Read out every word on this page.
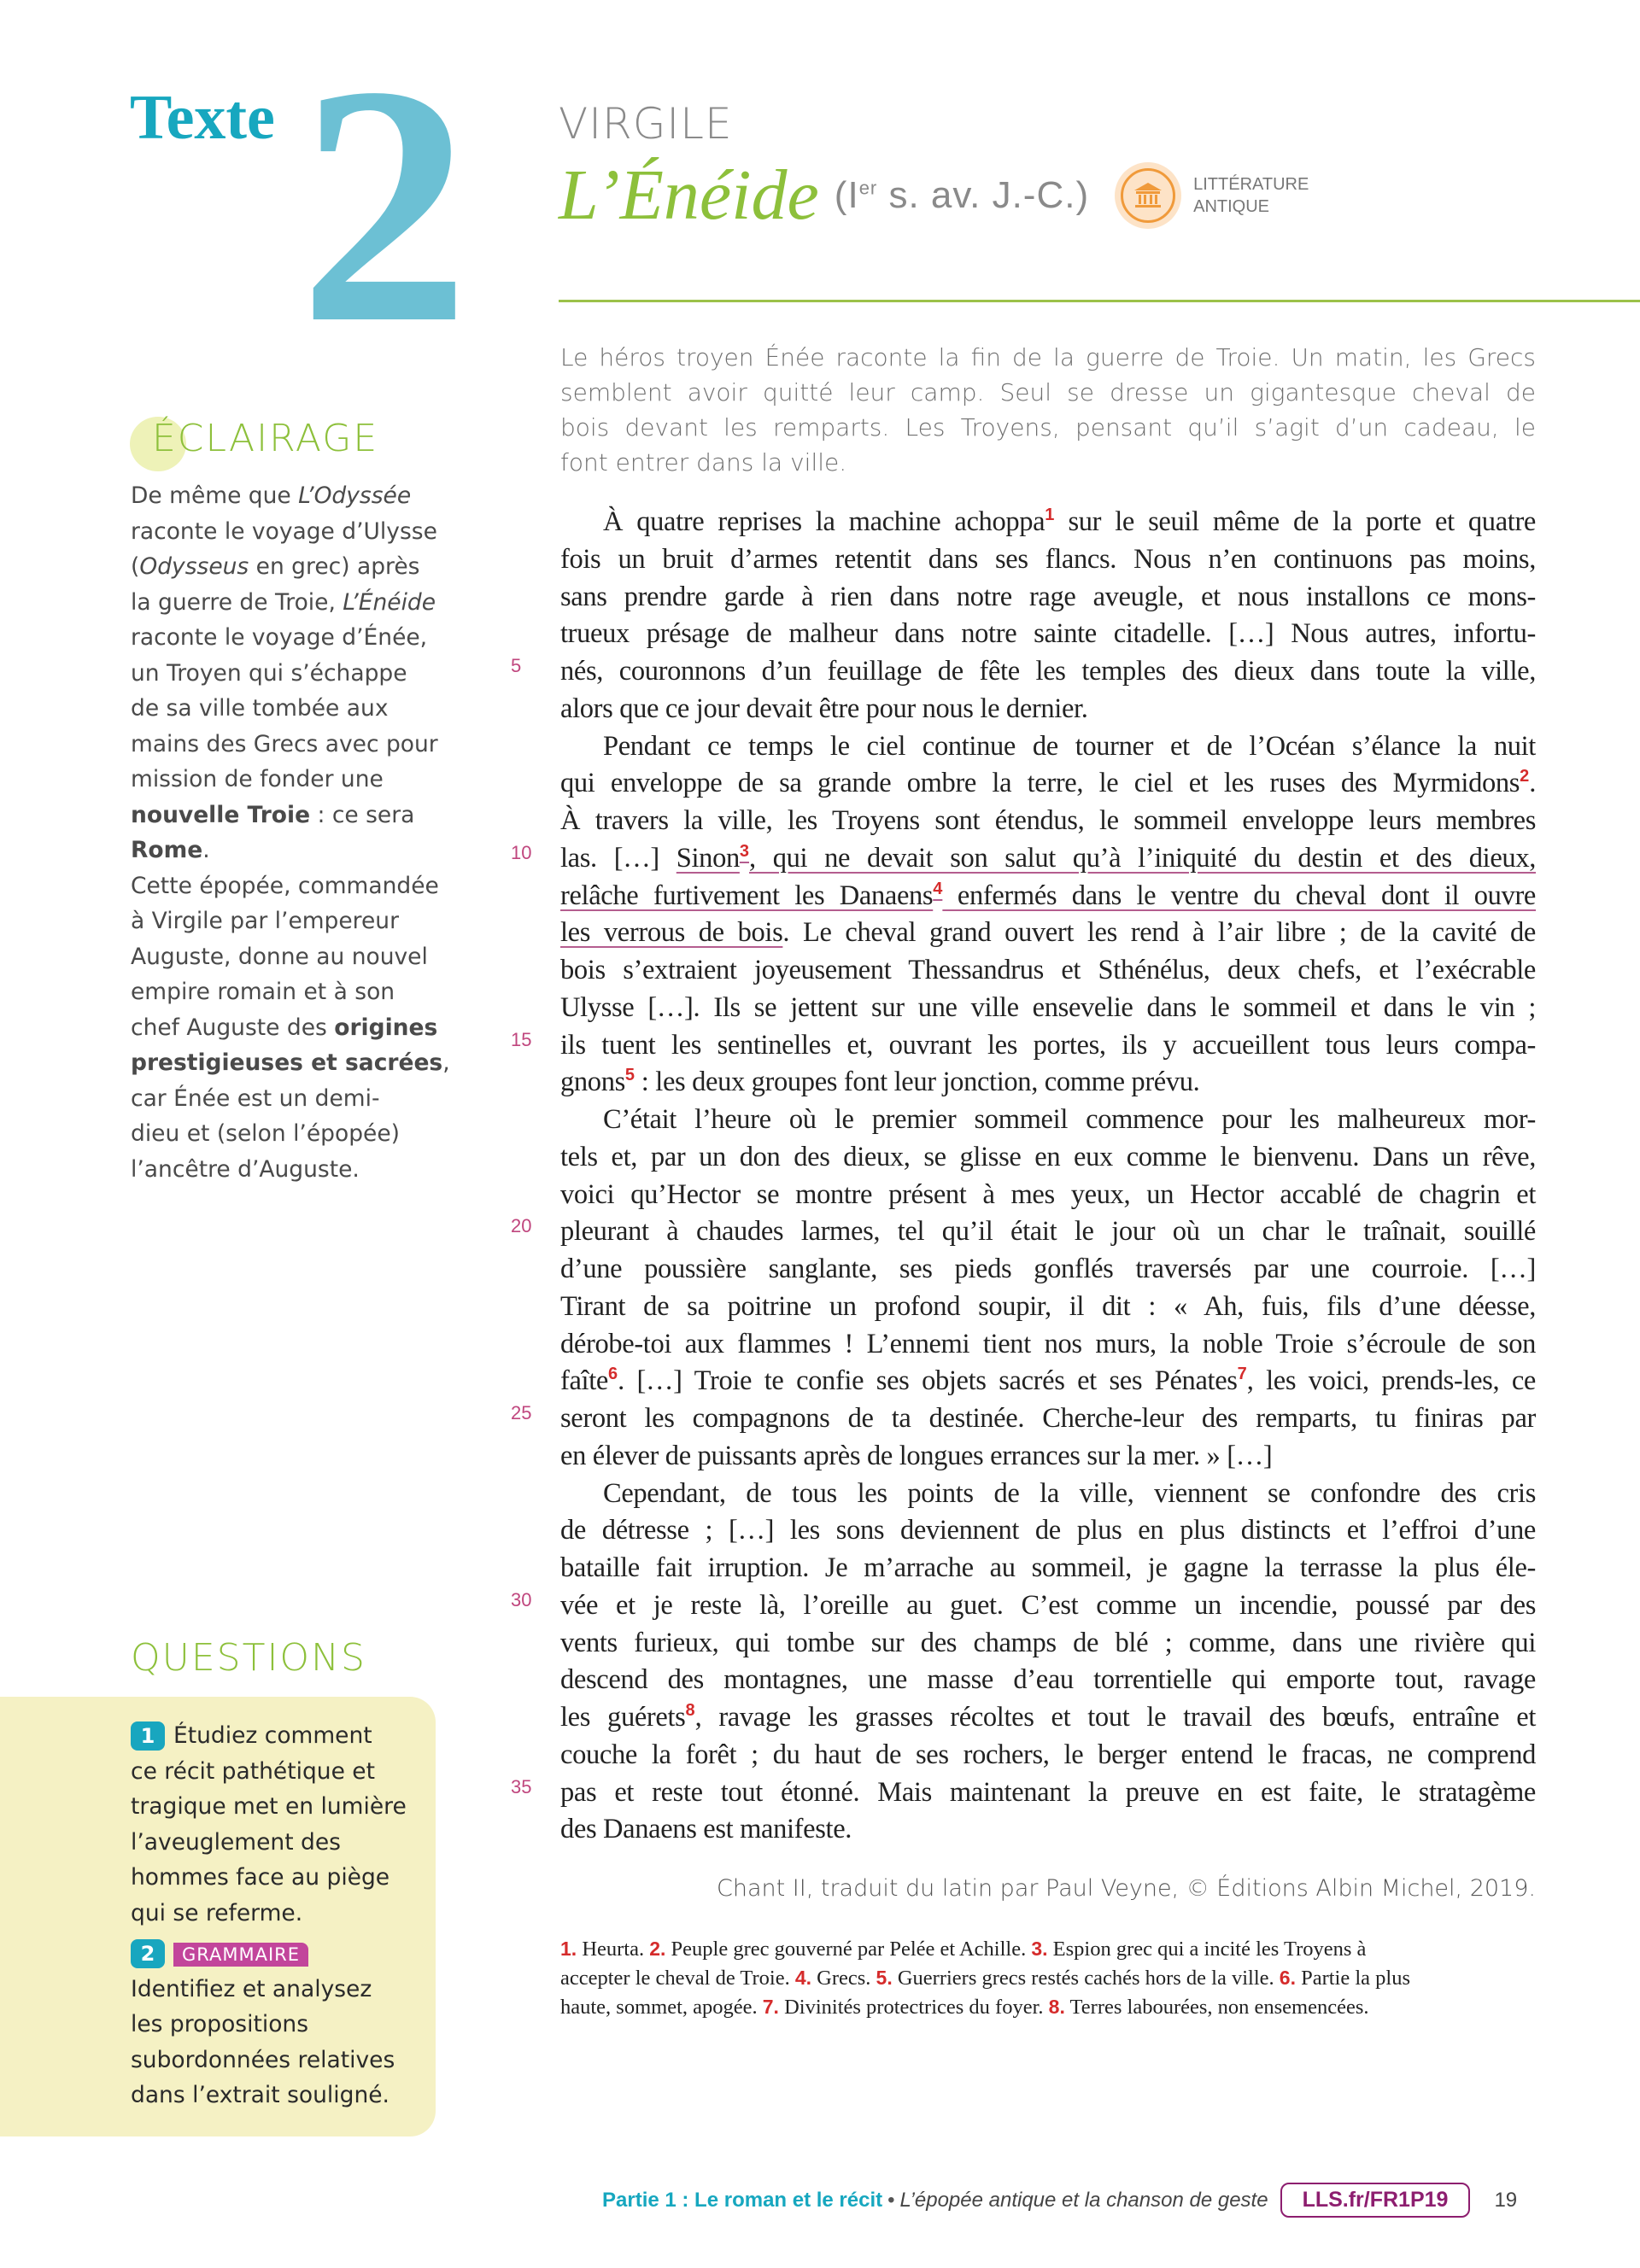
Texte 2 VIRGILE
L’Énéide (Ier s. av. J.-C.)	LITTÉRATURE
ANTIQUE
Le héros troyen Énée raconte la fin de la guerre de Troie. Un matin, les Grecs
semblent avoir quitté leur camp. Seul se dresse un gigantesque cheval de
bois devant les remparts. Les Troyens, pensant qu’il s’agit d’un cadeau, le
font entrer dans la ville.
À quatre reprises la machine achoppa$^1$ sur le seuil même de la porte et quatre
fois un bruit d’armes retentit dans ses flancs. Nous n’en continuons pas moins,
sans prendre garde à rien dans notre rage aveugle, et nous installons ce mons-
trueux présage de malheur dans notre sainte citadelle. […] Nous autres, infortu-
5 nés, couronnons d’un feuillage de fête les temples des dieux dans toute la ville,
alors que ce jour devait être pour nous le dernier.
Pendant ce temps le ciel continue de tourner et de l’Océan s’élance la nuit
qui enveloppe de sa grande ombre la terre, le ciel et les ruses des Myrmidons$^2$.
À travers la ville, les Troyens sont étendus, le sommeil enveloppe leurs membres
10 las. […] Sinon$^3$, qui ne devait son salut qu’à l’iniquité du destin et des dieux,
relâche furtivement les Danaens$^4$ enfermés dans le ventre du cheval dont il ouvre
les verrous de bois. Le cheval grand ouvert les rend à l’air libre ; de la cavité de
bois s’extraient joyeusement Thessandrus et Sthénélus, deux chefs, et l’exécrable
Ulysse […]. Ils se jettent sur une ville ensevelie dans le sommeil et dans le vin ;
15 ils tuent les sentinelles et, ouvrant les portes, ils y accueillent tous leurs compa-
gnons$^5$ : les deux groupes font leur jonction, comme prévu.
C’était l’heure où le premier sommeil commence pour les malheureux mor-
tels et, par un don des dieux, se glisse en eux comme le bienvenu. Dans un rêve,
voici qu’Hector se montre présent à mes yeux, un Hector accablé de chagrin et
20 pleurant à chaudes larmes, tel qu’il était le jour où un char le traînait, souillé
d’une poussière sanglante, ses pieds gonflés traversés par une courroie. […]
Tirant de sa poitrine un profond soupir, il dit : « Ah, fuis, fils d’une déesse,
dérobe-toi aux flammes ! L’ennemi tient nos murs, la noble Troie s’écroule de son
faîte$^6$. […] Troie te confie ses objets sacrés et ses Pénates$^7$, les voici, prends-les, ce
25 seront les compagnons de ta destinée. Cherche-leur des remparts, tu finiras par
en élever de puissants après de longues errances sur la mer. » […]
Cependant, de tous les points de la ville, viennent se confondre des cris
de détresse ; […] les sons deviennent de plus en plus distincts et l’effroi d’une
bataille fait irruption. Je m’arrache au sommeil, je gagne la terrasse la plus éle-
30 vée et je reste là, l’oreille au guet. C’est comme un incendie, poussé par des
vents furieux, qui tombe sur des champs de blé ; comme, dans une rivière qui
descend des montagnes, une masse d’eau torrentielle qui emporte tout, ravage
les guérets$^8$, ravage les grasses récoltes et tout le travail des bœufs, entraîne et
couche la forêt ; du haut de ses rochers, le berger entend le fracas, ne comprend
35 pas et reste tout étonné. Mais maintenant la preuve en est faite, le stratagème
des Danaens est manifeste.
Chant II, traduit du latin par Paul Veyne, © Éditions Albin Michel, 2019.
1. Heurta. 2. Peuple grec gouverné par Pelée et Achille. 3. Espion grec qui a incité les Troyens à
accepter le cheval de Troie. 4. Grecs. 5. Guerriers grecs restés cachés hors de la ville. 6. Partie la plus
haute, sommet, apogée. 7. Divinités protectrices du foyer. 8. Terres labourées, non ensemencées.
ÉCLAIRAGE
De même que L’Odyssée
raconte le voyage d’Ulysse
(Odysseus en grec) après
la guerre de Troie, L’Énéide
raconte le voyage d’Énée,
un Troyen qui s’échappe
de sa ville tombée aux
mains des Grecs avec pour
mission de fonder une
nouvelle Troie : ce sera
Rome.
Cette épopée, commandée
à Virgile par l’empereur
Auguste, donne au nouvel
empire romain et à son
chef Auguste des origines
prestigieuses et sacrées,
car Énée est un demi-
dieu et (selon l’épopée)
l’ancêtre d’Auguste.
QUESTIONS
1 Étudiez comment
ce récit pathétique et
tragique met en lumière
l’aveuglement des
hommes face au piège
qui se referme.
2 GRAMMAIRE
Identifiez et analysez
les propositions
subordonnées relatives
dans l’extrait souligné.
Partie 1 : Le roman et le récit • L’épopée antique et la chanson de geste	LLS.fr/FR1P19	19
